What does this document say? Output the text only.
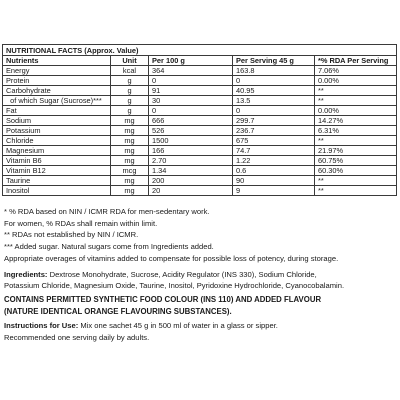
NUTRITIONAL FACTS (Approx. Value)				
Nutrients	Unit	Per 100 g	Per Serving 45 g	*% RDA Per Serving
Energy	kcal	364	163.8	7.06%
Protein	g	0	0	0.00%
Carbohydrate	g	91	40.95	**
of which Sugar (Sucrose)***	g	30	13.5	**
Fat	g	0	0	0.00%
Sodium	mg	666	299.7	14.27%
Potassium	mg	526	236.7	6.31%
Chloride	mg	1500	675	**
Magnesium	mg	166	74.7	21.97%
Vitamin B6	mg	2.70	1.22	60.75%
Vitamin B12	mcg	1.34	0.6	60.30%
Taurine	mg	200	90	**
Inositol	mg	20	9	**

* % RDA based on NIN / ICMR RDA for men-sedentary work.

For women, % RDAs shall remain within limit.

** RDAs not established by NIN / ICMR.

*** Added sugar. Natural sugars come from Ingredients added.

Appropriate overages of vitamins added to compensate for possible loss of potency, during storage.

Ingredients: Dextrose Monohydrate, Sucrose, Acidity Regulator (INS 330), Sodium Chloride,

Potassium Chloride, Magnesium Oxide, Taurine, Inositol, Pyridoxine Hydrochloride, Cyanocobalamin.

CONTAINS PERMITTED SYNTHETIC FOOD COLOUR (INS 110) AND ADDED FLAVOUR

(NATURE IDENTICAL ORANGE FLAVOURING SUBSTANCES).

Instructions for Use: Mix one sachet 45 g in 500 ml of water in a glass or sipper.

Recommended one serving daily by adults.
